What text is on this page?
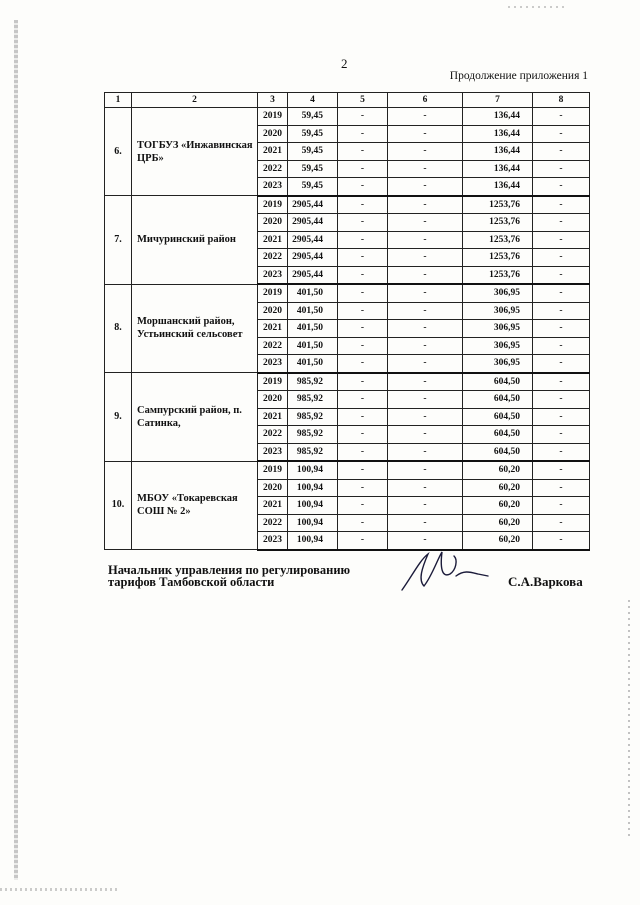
2
Продолжение приложения 1
1	2	3	4	5	6	7	8
6.	ТОГБУЗ «Инжавинская ЦРБ»	2019	59,45	-	-	136,44	-
		2020	59,45	-	-	136,44	-
		2021	59,45	-	-	136,44	-
		2022	59,45	-	-	136,44	-
		2023	59,45	-	-	136,44	-
7.	Мичуринский район	2019	2905,44	-	-	1253,76	-
		2020	2905,44	-	-	1253,76	-
		2021	2905,44	-	-	1253,76	-
		2022	2905,44	-	-	1253,76	-
		2023	2905,44	-	-	1253,76	-
8.	Моршанский район, Устьинский сельсовет	2019	401,50	-	-	306,95	-
		2020	401,50	-	-	306,95	-
		2021	401,50	-	-	306,95	-
		2022	401,50	-	-	306,95	-
		2023	401,50	-	-	306,95	-
9.	Сампурский район, п. Сатинка,	2019	985,92	-	-	604,50	-
		2020	985,92	-	-	604,50	-
		2021	985,92	-	-	604,50	-
		2022	985,92	-	-	604,50	-
		2023	985,92	-	-	604,50	-
10.	МБОУ «Токаревская СОШ № 2»	2019	100,94	-	-	60,20	-
		2020	100,94	-	-	60,20	-
		2021	100,94	-	-	60,20	-
		2022	100,94	-	-	60,20	-
		2023	100,94	-	-	60,20	-
Начальник управления по регулированию
тарифов Тамбовской области	С.А.Варкова
